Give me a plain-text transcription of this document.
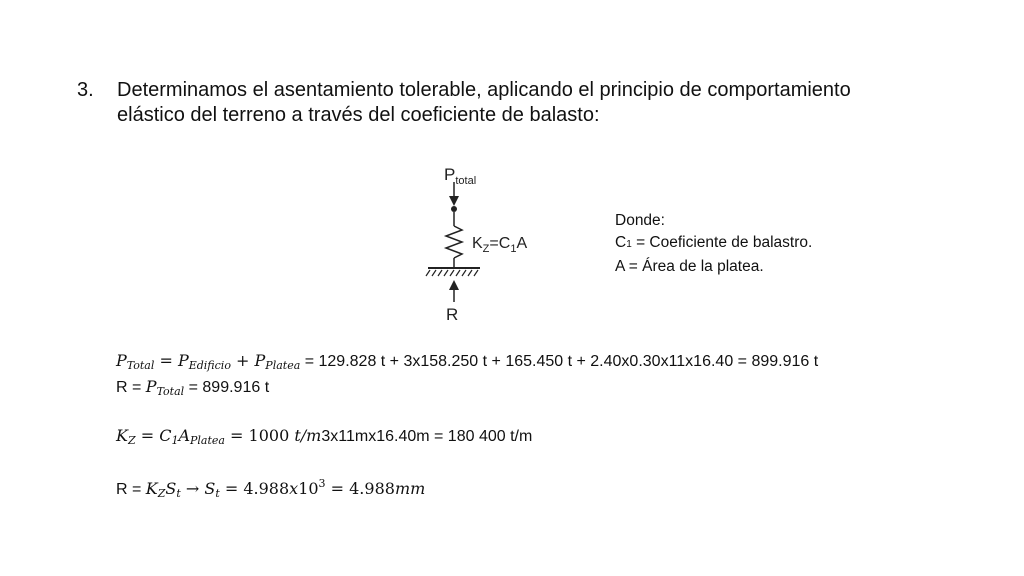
3. Determinamos el asentamiento tolerable, aplicando el principio de comportamiento elástico del terreno a través del coeficiente de balasto:
$P_{total}$
$K_Z=C_1A$
R
Donde:
C1 = Coeficiente de balastro.
A = Área de la platea.
PTotal = PEdificio + PPlatea = 129.828 t + 3x158.250 t + 165.450 t + 2.40x0.30x11x16.40 = 899.916 t
R = PTotal = 899.916 t
KZ = C1APlatea = 1000 t/m3x11mx16.40m = 180 400 t/m
R = KZSt → $St = 4.988x10^3 = 4.988mm$
